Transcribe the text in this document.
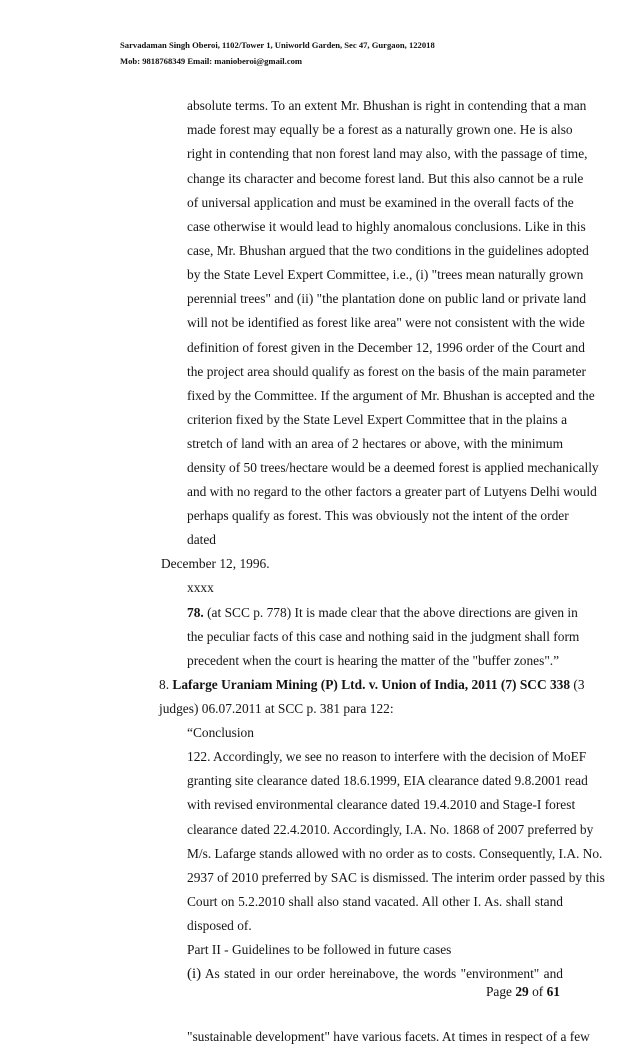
Sarvadaman Singh Oberoi, 1102/Tower 1, Uniworld Garden, Sec 47, Gurgaon, 122018
Mob: 9818768349 Email: manioberoi@gmail.com
absolute terms. To an extent Mr. Bhushan is right in contending that a man
made forest may equally be a forest as a naturally grown one. He is also
right in contending that non forest land may also, with the passage of time,
change its character and become forest land. But this also cannot be a rule
of universal application and must be examined in the overall facts of the
case otherwise it would lead to highly anomalous conclusions. Like in this
case, Mr. Bhushan argued that the two conditions in the guidelines adopted
by the State Level Expert Committee, i.e., (i) "trees mean naturally grown
perennial trees" and (ii) "the plantation done on public land or private land
will not be identified as forest like area" were not consistent with the wide
definition of forest given in the December 12, 1996 order of the Court and
the project area should qualify as forest on the basis of the main parameter
fixed by the Committee. If the argument of Mr. Bhushan is accepted and the
criterion fixed by the State Level Expert Committee that in the plains a
stretch of land with an area of 2 hectares or above, with the minimum
density of 50 trees/hectare would be a deemed forest is applied mechanically
and with no regard to the other factors a greater part of Lutyens Delhi would
perhaps qualify as forest. This was obviously not the intent of the order
dated
December 12, 1996.
xxxx
78. (at SCC p. 778) It is made clear that the above directions are given in
the peculiar facts of this case and nothing said in the judgment shall form
precedent when the court is hearing the matter of the "buffer zones".”
8. Lafarge Uraniam Mining (P) Ltd. v. Union of India, 2011 (7) SCC 338 (3
judges) 06.07.2011 at SCC p. 381 para 122:
“Conclusion
122. Accordingly, we see no reason to interfere with the decision of MoEF
granting site clearance dated 18.6.1999, EIA clearance dated 9.8.2001 read
with revised environmental clearance dated 19.4.2010 and Stage-I forest
clearance dated 22.4.2010. Accordingly, I.A. No. 1868 of 2007 preferred by
M/s. Lafarge stands allowed with no order as to costs. Consequently, I.A. No.
2937 of 2010 preferred by SAC is dismissed. The interim order passed by this
Court on 5.2.2010 shall also stand vacated. All other I. As. shall stand
disposed of.
Part II - Guidelines to be followed in future cases
(i) As stated in our order hereinabove, the words "environment" and
"sustainable development" have various facets. At times in respect of a few
Page 29 of 61
